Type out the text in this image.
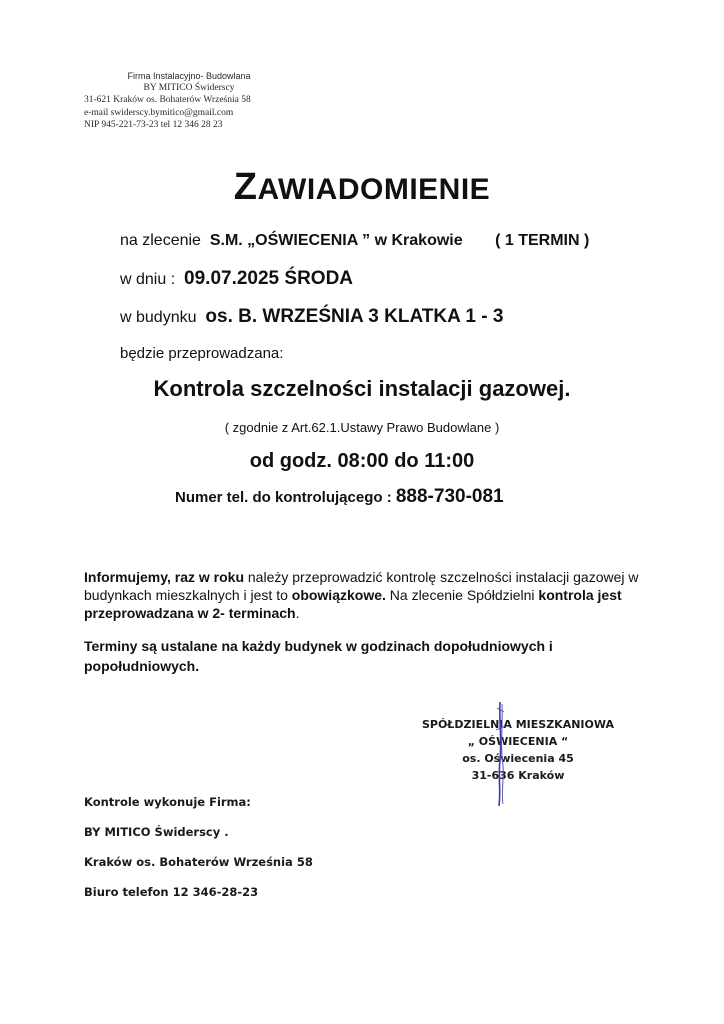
Firma Instalacyjno- Budowlana
BY MITICO Świdersсy
31-621 Kraków os. Bohaterów Września 58
e-mail swiderscy.bymitico@gmail.com
NIP 945-221-73-23 tel 12 346 28 23
ZAWIADOMIENIE
na zlecenie S.M. „OŚWIECENIA ” w Krakowie ( 1 TERMIN )
w dniu : 09.07.2025 ŚRODA
w budynku os. B. WRZEŚNIA 3 KLATKA 1 - 3
będzie przeprowadzana:
Kontrola szczelności instalacji gazowej.
( zgodnie z Art.62.1.Ustawy Prawo Budowlane )
od godz. 08:00 do 11:00
Numer tel. do kontrolującego : 888-730-081
Informujemy, raz w roku należy przeprowadzić kontrolę szczelności instalacji gazowej w budynkach mieszkalnych i jest to obowiązkowe. Na zlecenie Spółdzielni kontrola jest przeprowadzana w 2- terminach.
Terminy są ustalane na każdy budynek w godzinach dopołudniowych i popołudniowych.
SPÓŁDZIELNIA MIESZKANIOWA
„ OŚWIECENIA “
os. Oświecenia 45
31-636 Kraków
Kontrole wykonuje Firma:
BY MITICO Świderscy .
Kraków os. Bohaterów Września 58
Biuro telefon 12 346-28-23
